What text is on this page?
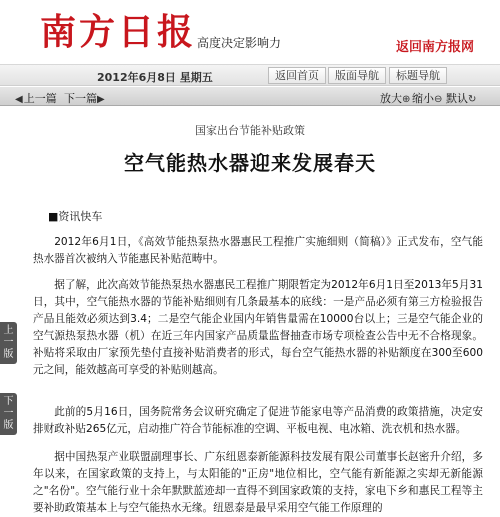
南方日报 高度决定影响力	返回南方报网
2012年6月8日 星期五	返回首页	版面导航	标题导航
◀上一篇 下一篇▶	放大⊕ 缩小⊖ 默认↻
国家出台节能补贴政策
空气能热水器迎来发展春天
■资讯快车

2012年6月1日，《高效节能热泵热水器惠民工程推广实施细则（简稿）》正式发布，空气能热水器首次被纳入节能惠民补贴范畴中。

据了解，此次高效节能热泵热水器惠民工程推广期限暂定为2012年6月1日至2013年5月31日，其中，空气能热水器的节能补贴细则有几条最基本的底线：一是产品必须有第三方检验报告产品且能效必须达到3.4；二是空气能企业国内年销售量需在10000台以上；三是空气能企业的空气源热泵热水器（机）在近三年内国家产品质量监督抽查市场专项检查公告中无不合格现象。补贴将采取由厂家预先垫付直接补贴消费者的形式，每台空气能热水器的补贴额度在300至600元之间，能效越高可享受的补贴则越高。

此前的5月16日，国务院常务会议研究确定了促进节能家电等产品消费的政策措施，决定安排财政补贴265亿元，启动推广符合节能标准的空调、平板电视、电冰箱、洗衣机和热水器。

据中国热泵产业联盟副理事长、广东纽恩泰新能源科技发展有限公司董事长赵密升介绍，多年以来，在国家政策的支持上，与太阳能的"正房"地位相比，空气能有新能源之实却无新能源之"名份"。空气能行业十余年默默蓝迹却一直得不到国家政策的支持，家电下乡和惠民工程等主要补助政策基本上与空气能热水无缘。纽恩泰是最早采用空气能工作原理的

上一版
下一版
